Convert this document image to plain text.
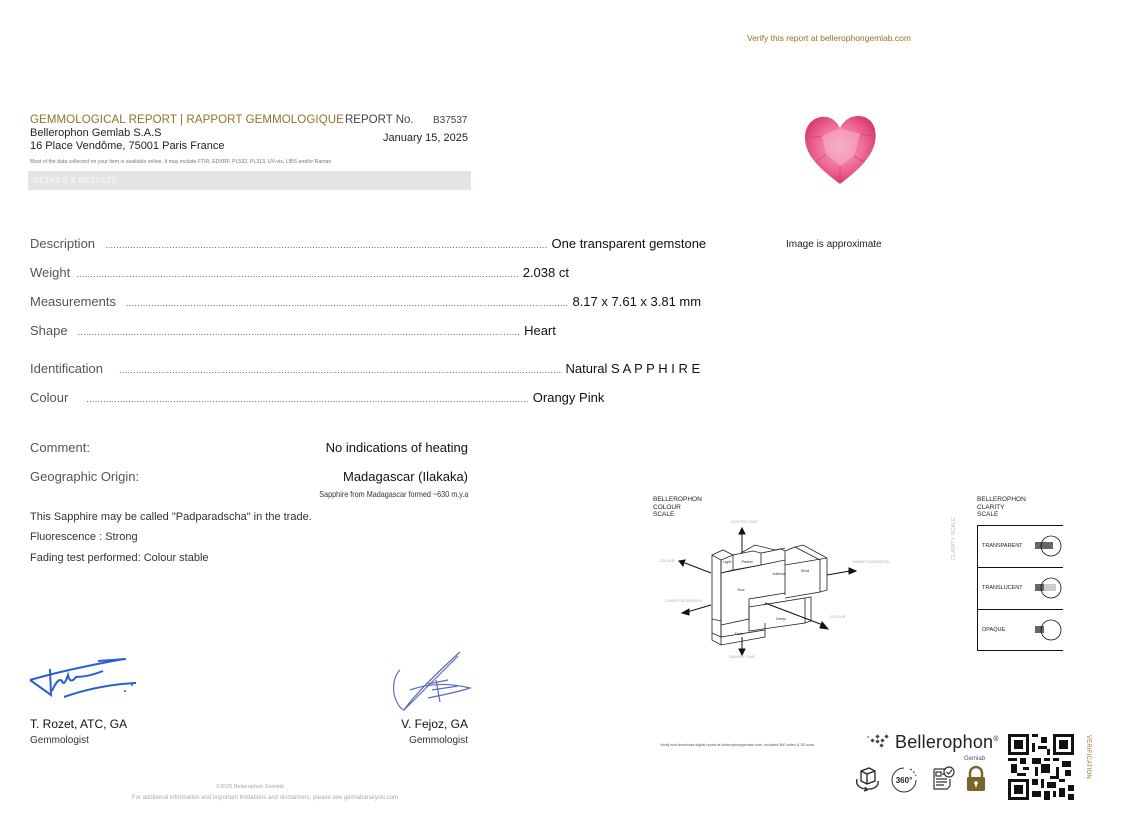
GEMMOLOGICAL REPORT | RAPPORT GEMMOLOGIQUE REPORT No. B37537
Bellerophon Gemlab S.A.S
16 Place Vendôme, 75001 Paris France
January 15, 2025
Most of the data collected on your item is available online. It may include FTIR, EDXRF, PL532, PL313, UV-vis, LIBS and/or Raman
DETAILS & RESULTS
Description .............................................................................................................................................................. One transparent gemstone
Weight .............................................................................................................................................................. 2.038 ct
Measurements .............................................................................................................................................................. 8.17 x 7.61 x 3.81 mm
Shape .............................................................................................................................................................. Heart
Identification .............................................................................................................................................................. Natural S A P P H I R E
Colour .............................................................................................................................................................. Orangy Pink
Comment:	No indications of heating
Geographic Origin:	Madagascar (Ilakaka)
Sapphire from Madagascar formed ~630 m.y.a
This Sapphire may be called "Padparadscha" in the trade.
Fluorescence : Strong
Fading test performed: Colour stable
T. Rozet, ATC, GA
Gemmologist
V. Fejoz, GA
Gemmologist
©2025 Bellerophon Gemlab
For additional information and important limitations and disclaimers, please see gemlabanalysis.com
Verify this report at bellerophongemlab.com
Image is approximate
BELLEROPHON
COLOUR
SCALE
Light	Pastel
Hue
Intense
Vivid
Deep
Dark
LIGHTER TONE
DARKER TONE
COLOUR
LOWER SATURATION
HIGHER SATURATION
COLOUR
BELLEROPHON
CLARITY
SCALE
CLARITY SCALE	TRANSPARENT
TRANSLUCENT
OPAQUE
Verify and download digital report at bellerophongemlab.com, included 360 video & 3D scan	Bellerophon®
Gemlab
360°
VERIFICATION
